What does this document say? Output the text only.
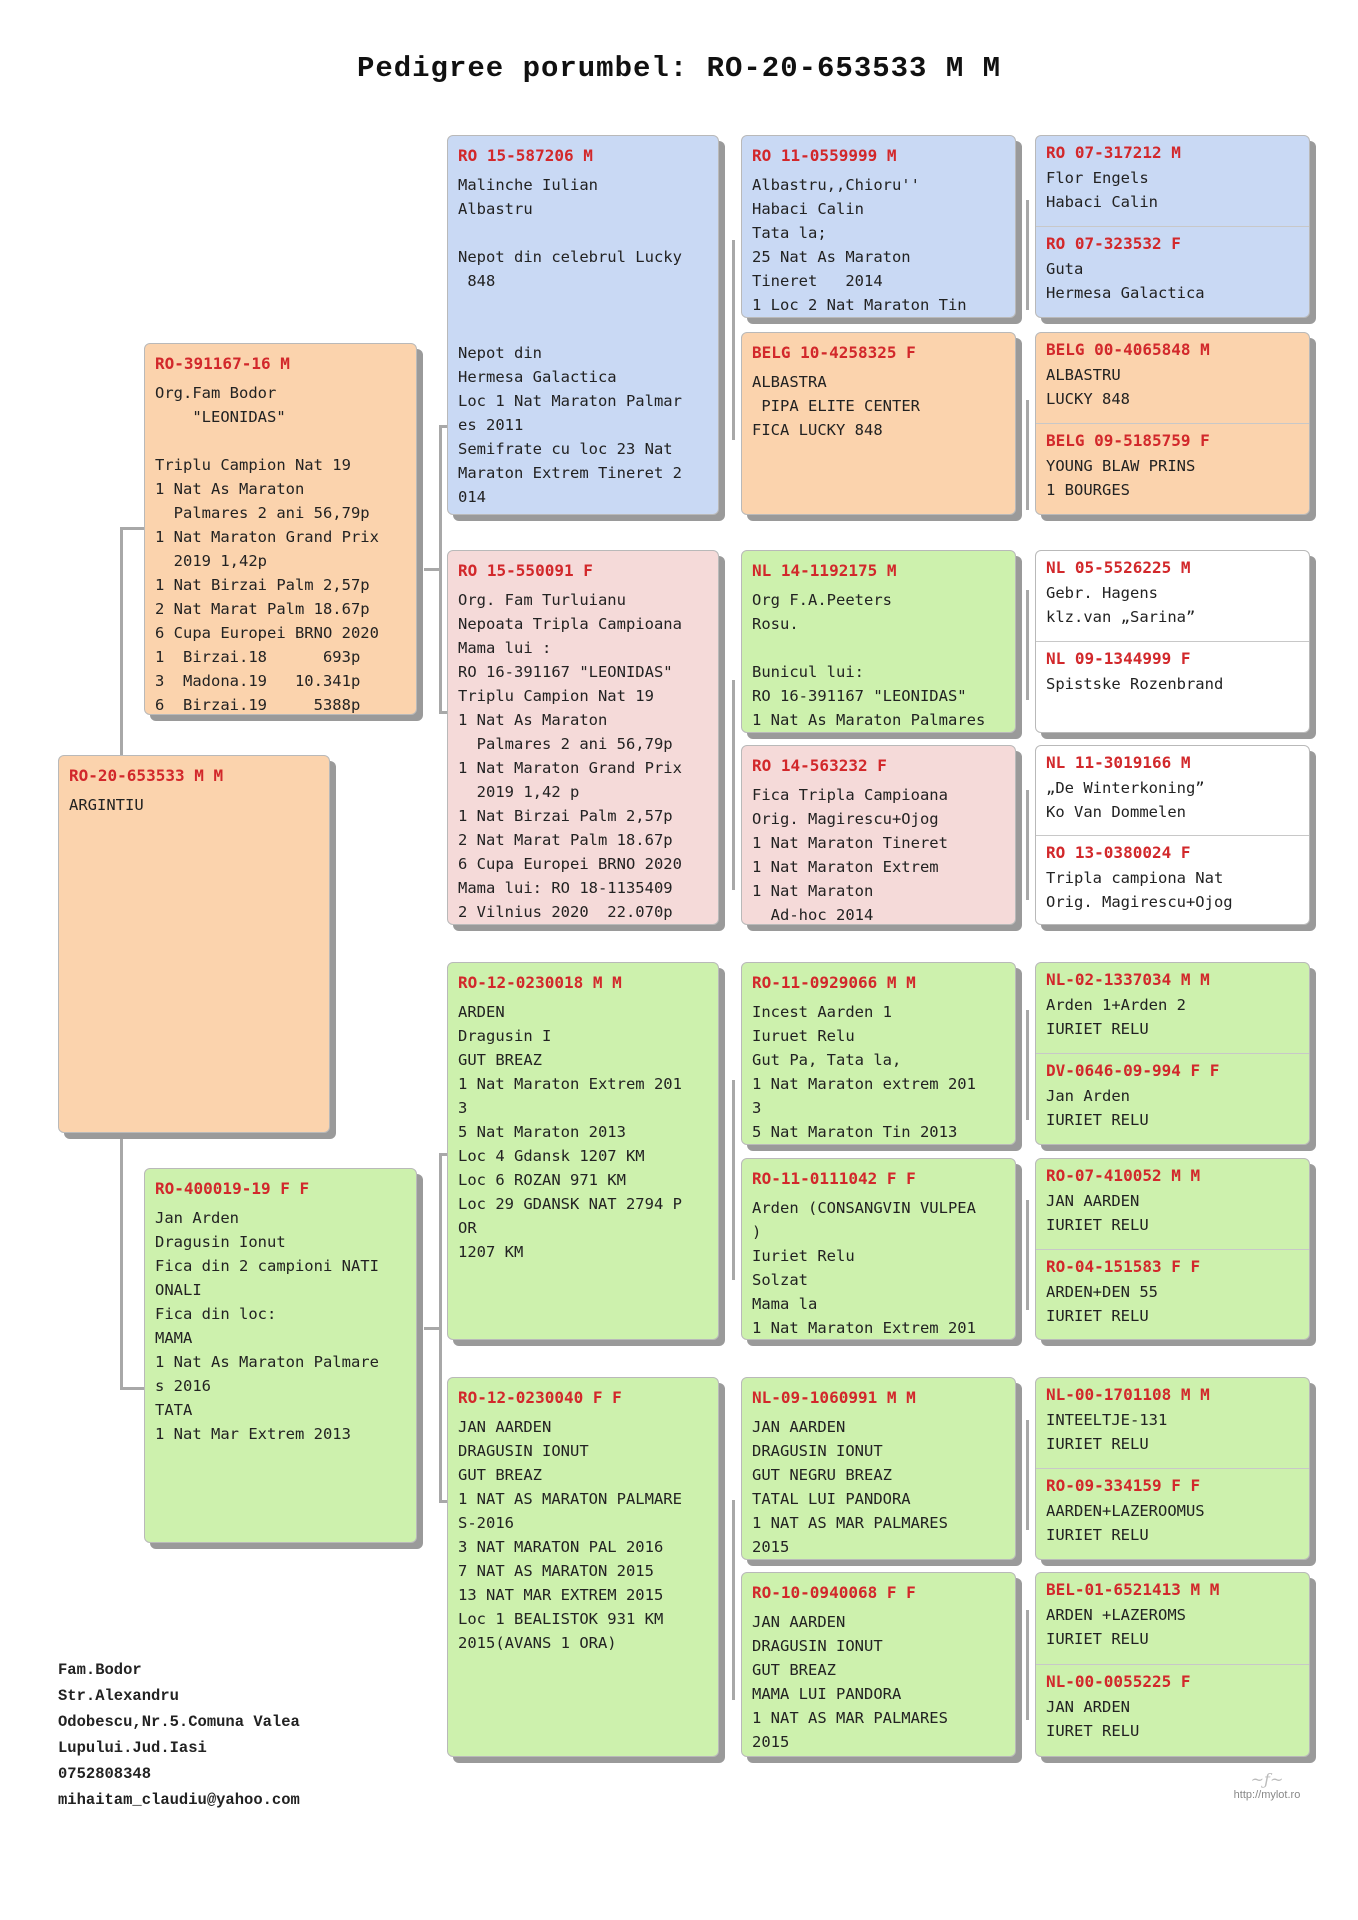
Pedigree porumbel: RO-20-653533 M M
RO-20-653533 M M
ARGINTIU
RO-391167-16 M
Org.Fam Bodor
"LEONIDAS"

Triplu Campion Nat 19
1 Nat As Maraton
Palmares 2 ani 56,79p
1 Nat Maraton Grand Prix
2019 1,42p
1 Nat Birzai Palm 2,57p
2 Nat Marat Palm 18.67p
6 Cupa Europei BRNO 2020
1  Birzai.18      693p
3  Madona.19   10.341p
6  Birzai.19     5388p
RO-400019-19 F F
Jan Arden
Dragusin Ionut
Fica din 2 campioni NATI
ONALI
Fica din loc:
MAMA
1 Nat As Maraton Palmare
s 2016
TATA
1 Nat Mar Extrem 2013
RO 15-587206 M
Malinche Iulian
Albastru

Nepot din celebrul Lucky
848

Nepot din
Hermesa Galactica
Loc 1 Nat Maraton Palmar
es 2011
Semifrate cu loc 23 Nat
Maraton Extrem Tineret 2
014
RO 15-550091 F
Org. Fam Turluianu
Nepoata Tripla Campioana
Mama lui :
RO 16-391167 "LEONIDAS"
Triplu Campion Nat 19
1 Nat As Maraton
Palmares 2 ani 56,79p
1 Nat Maraton Grand Prix
2019 1,42 p
1 Nat Birzai Palm 2,57p
2 Nat Marat Palm 18.67p
6 Cupa Europei BRNO 2020
Mama lui: RO 18-1135409
2 Vilnius 2020  22.070p
RO-12-0230018 M M
ARDEN
Dragusin I
GUT BREAZ
1 Nat Maraton Extrem 201
3
5 Nat Maraton 2013
Loc 4 Gdansk 1207 KM
Loc 6 ROZAN 971 KM
Loc 29 GDANSK NAT 2794 P
OR
1207 KM
RO-12-0230040 F F
JAN AARDEN
DRAGUSIN IONUT
GUT BREAZ
1 NAT AS MARATON PALMARE
S-2016
3 NAT MARATON PAL 2016
7 NAT AS MARATON 2015
13 NAT MAR EXTREM 2015
Loc 1 BEALISTOK 931 KM
2015(AVANS 1 ORA)
RO 11-0559999 M
Albastru,,Chioru''
Habaci Calin
Tata la;
25 Nat As Maraton
Tineret   2014
1 Loc 2 Nat Maraton Tin
BELG 10-4258325 F
ALBASTRA
PIPA ELITE CENTER
FICA LUCKY 848
NL 14-1192175 M
Org F.A.Peeters
Rosu.

Bunicul lui:
RO 16-391167 "LEONIDAS"
1 Nat As Maraton Palmares
RO 14-563232 F
Fica Tripla Campioana
Orig. Magirescu+Ojog
1 Nat Maraton Tineret
1 Nat Maraton Extrem
1 Nat Maraton
Ad-hoc 2014
RO-11-0929066 M M
Incest Aarden 1
Iuruet Relu
Gut Pa, Tata la,
1 Nat Maraton extrem 201
3
5 Nat Maraton Tin 2013
RO-11-0111042 F F
Arden (CONSANGVIN VULPEA
)
Iuriet Relu
Solzat
Mama la
1 Nat Maraton Extrem 201
NL-09-1060991 M M
JAN AARDEN
DRAGUSIN IONUT
GUT NEGRU BREAZ
TATAL LUI PANDORA
1 NAT AS MAR PALMARES
2015
RO-10-0940068 F F
JAN AARDEN
DRAGUSIN IONUT
GUT BREAZ
MAMA LUI PANDORA
1 NAT AS MAR PALMARES
2015
RO 07-317212 M
Flor Engels
Habaci Calin
RO 07-323532 F
Guta
Hermesa Galactica
BELG 00-4065848 M
ALBASTRU
LUCKY 848
BELG 09-5185759 F
YOUNG BLAW PRINS
1 BOURGES
NL 05-5526225 M
Gebr. Hagens
klz.van „Sarina”
NL 09-1344999 F
Spistske Rozenbrand
NL 11-3019166 M
„De Winterkoning”
Ko Van Dommelen
RO 13-0380024 F
Tripla campiona Nat
Orig. Magirescu+Ojog
NL-02-1337034 M M
Arden 1+Arden 2
IURIET RELU
DV-0646-09-994 F F
Jan Arden
IURIET RELU
RO-07-410052 M M
JAN AARDEN
IURIET RELU
RO-04-151583 F F
ARDEN+DEN 55
IURIET RELU
NL-00-1701108 M M
INTEELTJE-131
IURIET RELU
RO-09-334159 F F
AARDEN+LAZEROOMUS
IURIET RELU
BEL-01-6521413 M M
ARDEN +LAZEROMS
IURIET RELU
NL-00-0055225 F
JAN ARDEN
IURET RELU
Fam.Bodor
Str.Alexandru
Odobescu,Nr.5.Comuna Valea
Lupului.Jud.Iasi
0752808348
mihaitam_claudiu@yahoo.com
~ƒ~
http://mylot.ro
